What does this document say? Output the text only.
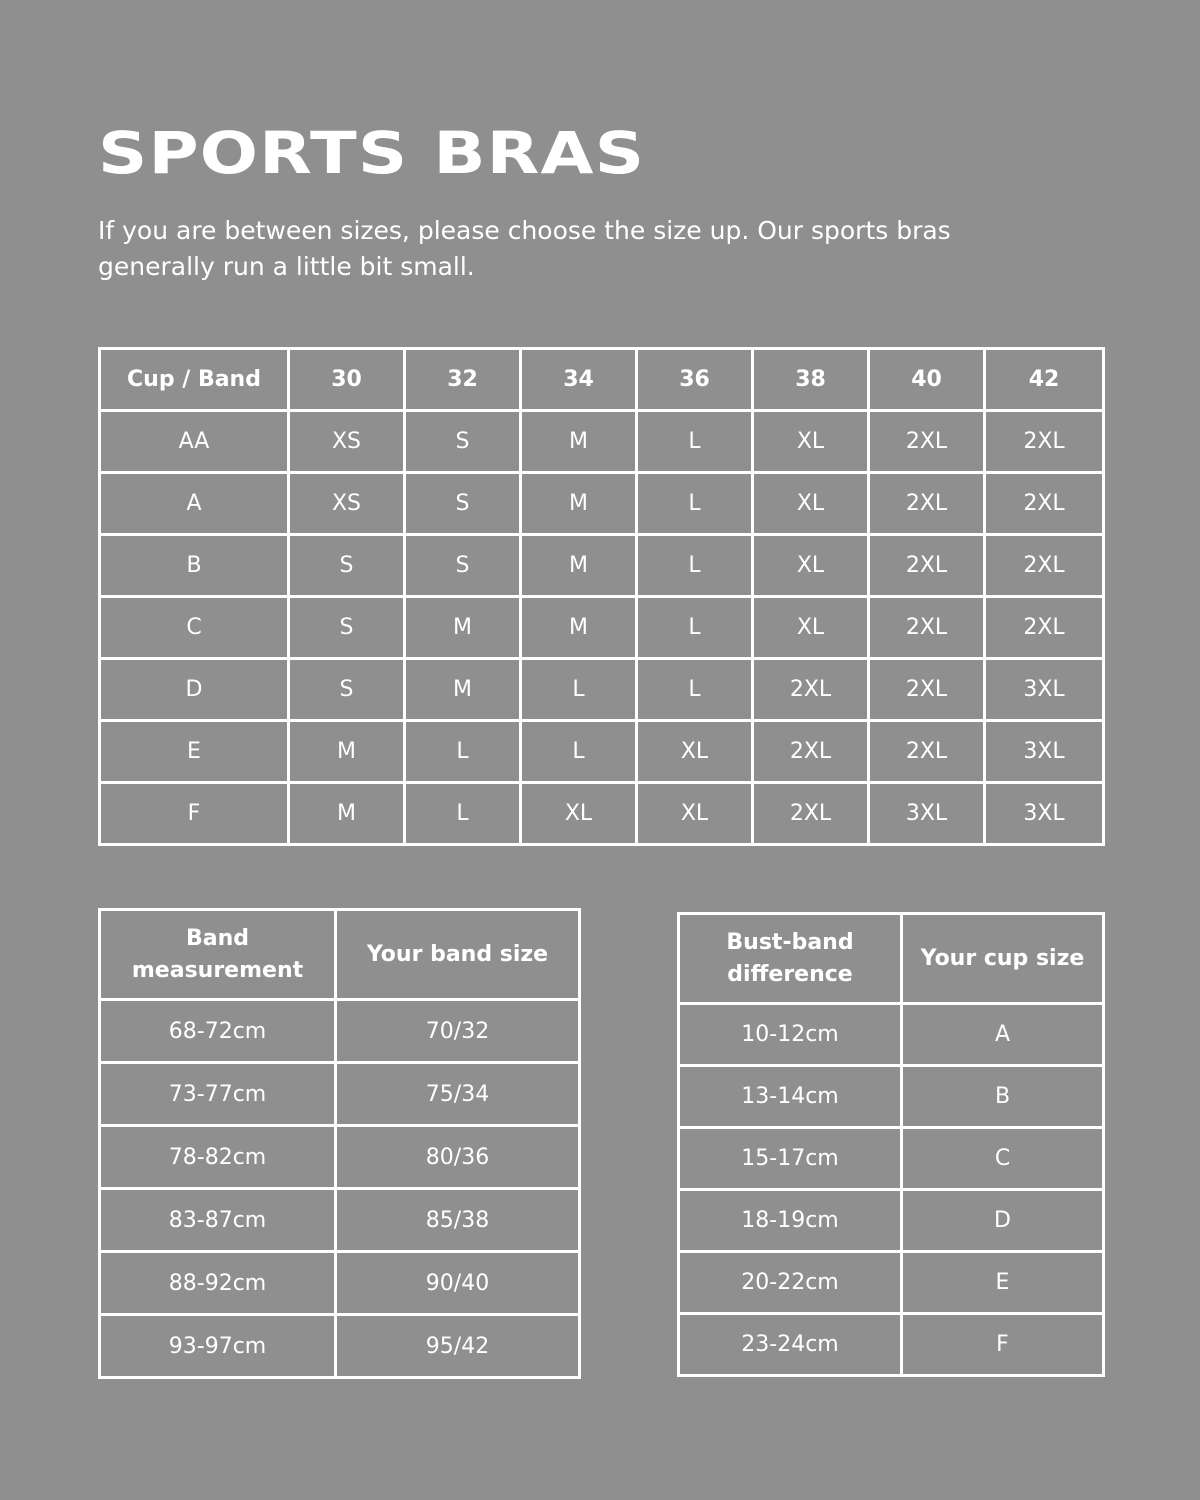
SPORTS BRAS

If you are between sizes, please choose the size up. Our sports bras generally run a little bit small.

Cup / Band	30	32	34	36	38	40	42
AA	XS	S	M	L	XL	2XL	2XL
A	XS	S	M	L	XL	2XL	2XL
B	S	S	M	L	XL	2XL	2XL
C	S	M	M	L	XL	2XL	2XL
D	S	M	L	L	2XL	2XL	3XL
E	M	L	L	XL	2XL	2XL	3XL
F	M	L	XL	XL	2XL	3XL	3XL
Band measurement	Your band size
68-72cm	70/32
73-77cm	75/34
78-82cm	80/36
83-87cm	85/38
88-92cm	90/40
93-97cm	95/42
Bust-band difference	Your cup size
10-12cm	A
13-14cm	B
15-17cm	C
18-19cm	D
20-22cm	E
23-24cm	F
